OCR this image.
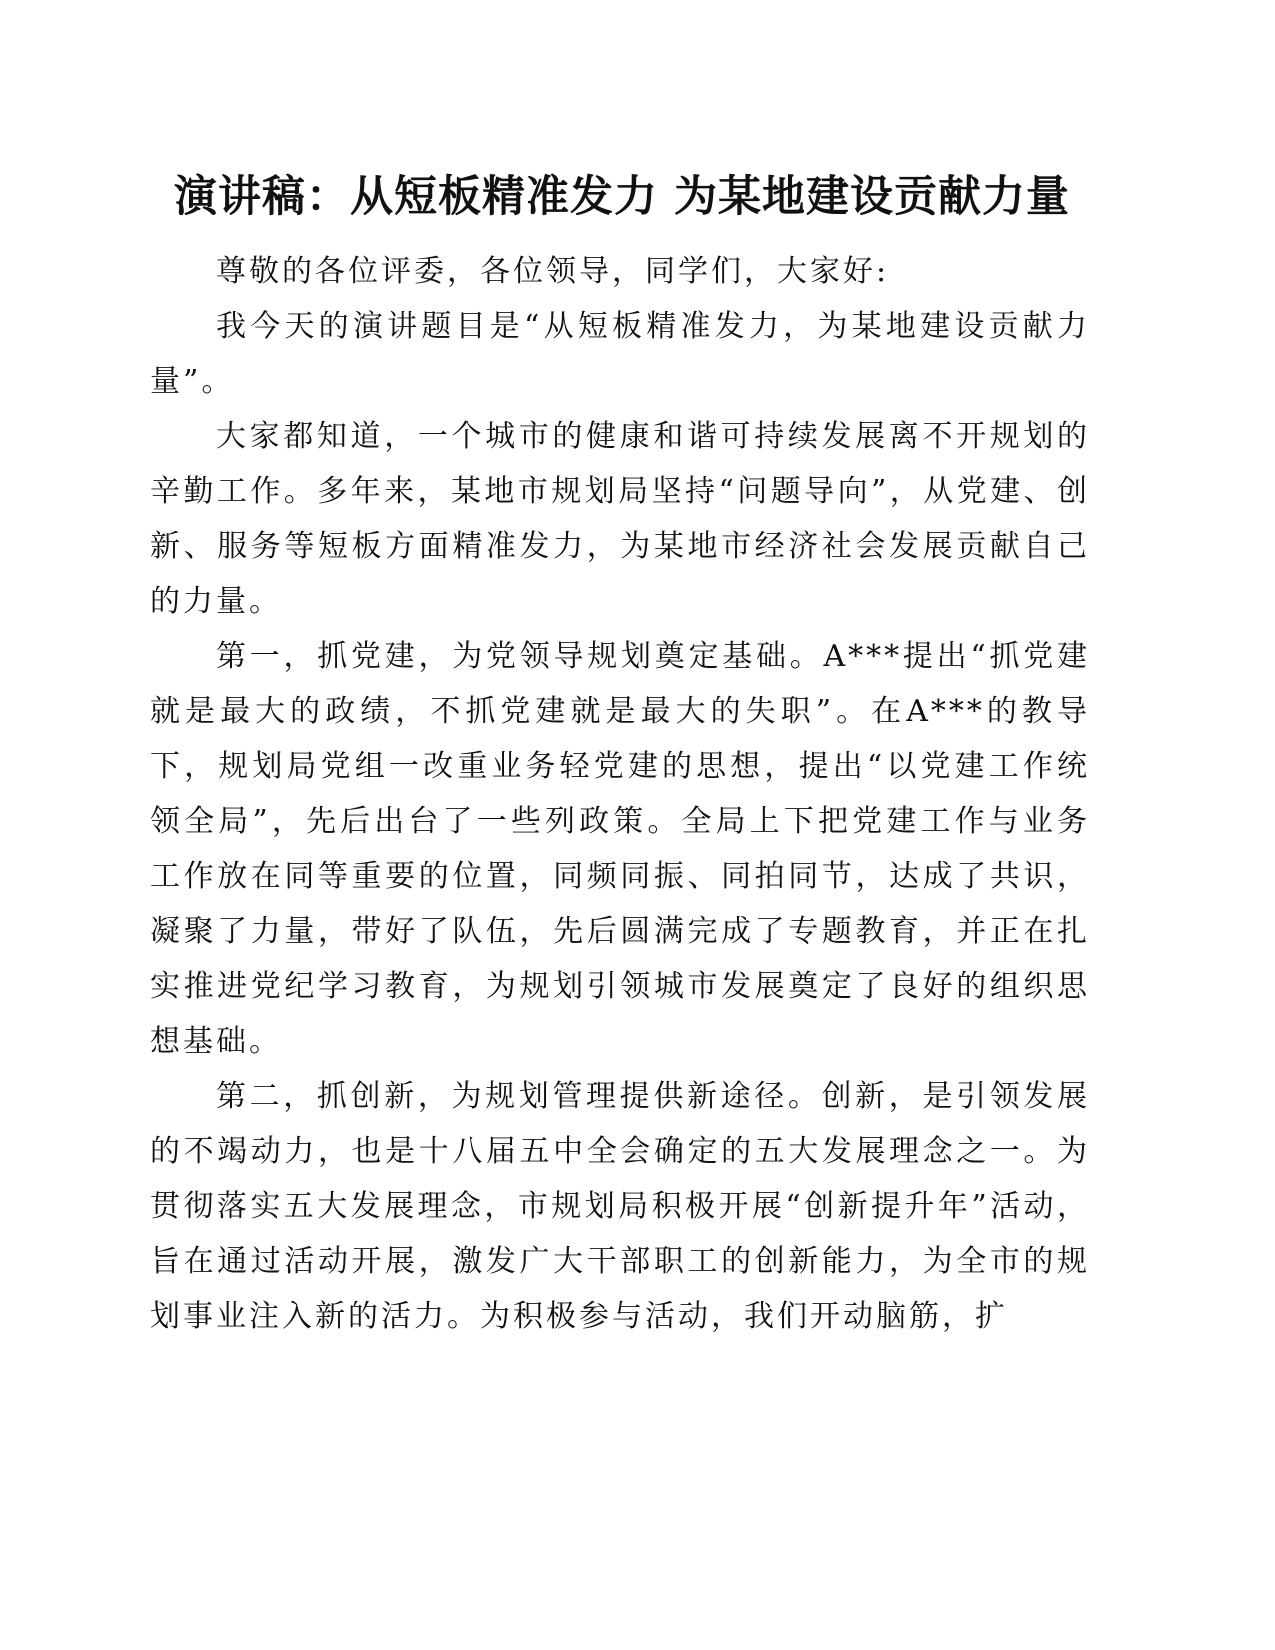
演讲稿：从短板精准发力 为某地建设贡献力量

尊敬的各位评委，各位领导，同学们，大家好:

我今天的演讲题目是“从短板精准发力，为某地建设贡献力量”。

大家都知道，一个城市的健康和谐可持续发展离不开规划的辛勤工作。多年来，某地市规划局坚持“问题导向”，从党建、创新、服务等短板方面精准发力，为某地市经济社会发展贡献自己的力量。

第一，抓党建，为党领导规划奠定基础。A***提出“抓党建就是最大的政绩，不抓党建就是最大的失职”。在A***的教导下，规划局党组一改重业务轻党建的思想，提出“以党建工作统领全局”，先后出台了一些列政策。全局上下把党建工作与业务工作放在同等重要的位置，同频同振、同拍同节，达成了共识，凝聚了力量，带好了队伍，先后圆满完成了专题教育，并正在扎实推进党纪学习教育，为规划引领城市发展奠定了良好的组织思想基础。

第二，抓创新，为规划管理提供新途径。创新，是引领发展的不竭动力，也是十八届五中全会确定的五大发展理念之一。为贯彻落实五大发展理念，市规划局积极开展“创新提升年”活动，旨在通过活动开展，激发广大干部职工的创新能力，为全市的规划事业注入新的活力。为积极参与活动，我们开动脑筋，扩
